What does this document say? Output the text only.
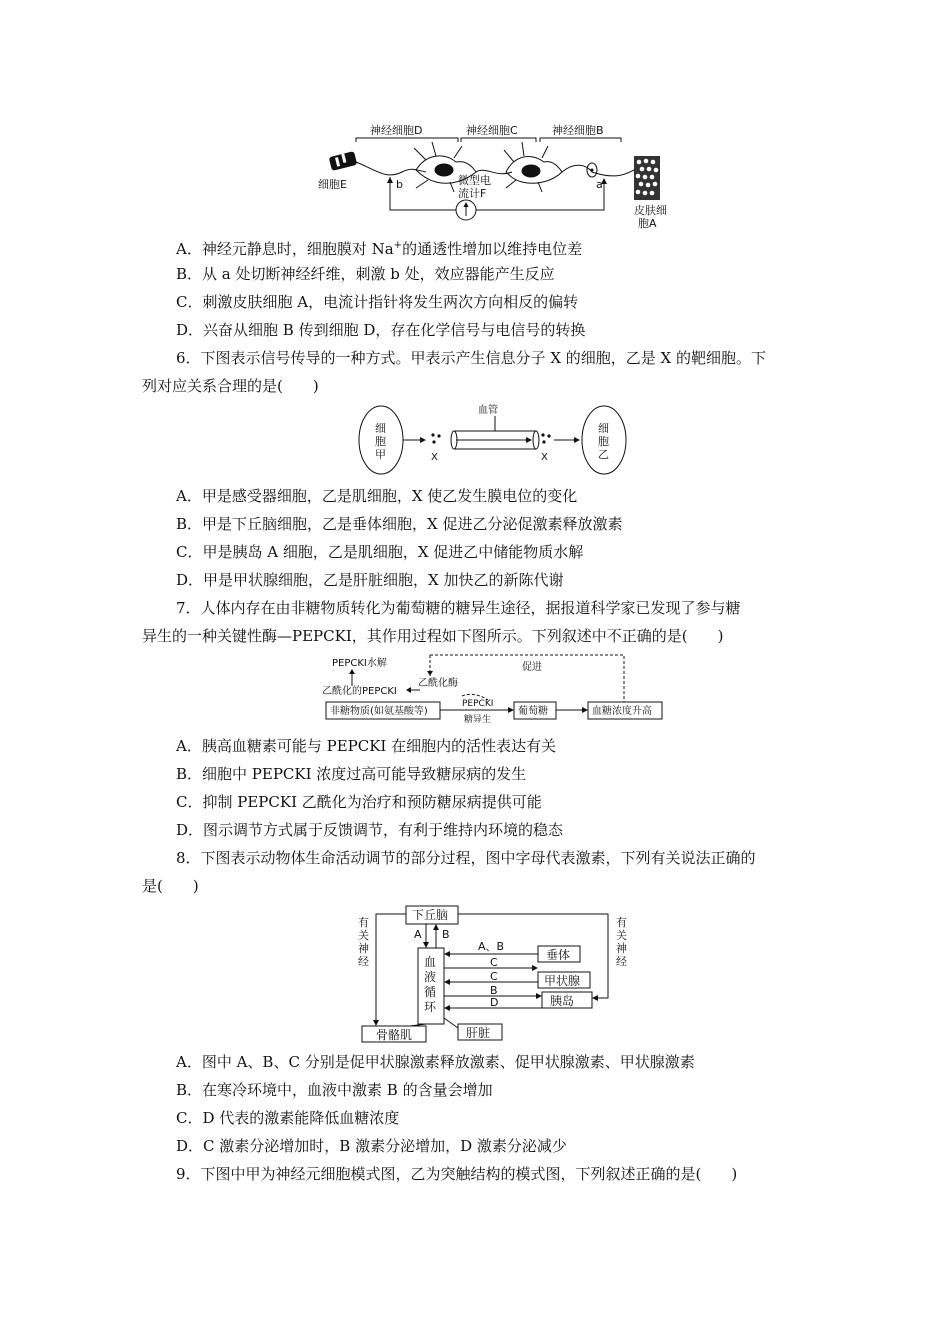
神经细胞D	神经细胞C	神经细胞B
细胞E
皮肤细
胞A
b	a
微型电
流计F
A．神经元静息时，细胞膜对 Na+的通透性增加以维持电位差
B．从 a 处切断神经纤维，刺激 b 处，效应器能产生反应
C．刺激皮肤细胞 A，电流计指针将发生两次方向相反的偏转
D．兴奋从细胞 B 传到细胞 D，存在化学信号与电信号的转换
6．下图表示信号传导的一种方式。甲表示产生信息分子 X 的细胞，乙是 X 的靶细胞。下
列对应关系合理的是(　　)
细
胞
甲	X
血管
X
细
胞
乙
A．甲是感受器细胞，乙是肌细胞，X 使乙发生膜电位的变化
B．甲是下丘脑细胞，乙是垂体细胞，X 促进乙分泌促激素释放激素
C．甲是胰岛 A 细胞，乙是肌细胞，X 促进乙中储能物质水解
D．甲是甲状腺细胞，乙是肝脏细胞，X 加快乙的新陈代谢
7．人体内存在由非糖物质转化为葡萄糖的糖异生途径，据报道科学家已发现了参与糖
异生的一种关键性酶—PEPCKI，其作用过程如下图所示。下列叙述中不正确的是(　　)
PEPCKI水解
乙酰化的PEPCKI
乙酰化酶
促进
非糖物质(如氨基酸等)
PEPCKI
糖异生
葡萄糖	血糖浓度升高
A．胰高血糖素可能与 PEPCKI 在细胞内的活性表达有关
B．细胞中 PEPCKI 浓度过高可能导致糖尿病的发生
C．抑制 PEPCKI 乙酰化为治疗和预防糖尿病提供可能
D．图示调节方式属于反馈调节，有利于维持内环境的稳态
8．下图表示动物体生命活动调节的部分过程，图中字母代表激素，下列有关说法正确的
是(　　)
下丘脑
有
关
神
经
有
关
神
经
A B
血
液
循
环
垂体
A、B
C
甲状腺
C
B
胰岛
D
骨骼肌	肝脏
A．图中 A、B、C 分别是促甲状腺激素释放激素、促甲状腺激素、甲状腺激素
B．在寒冷环境中，血液中激素 B 的含量会增加
C．D 代表的激素能降低血糖浓度
D．C 激素分泌增加时，B 激素分泌增加，D 激素分泌减少
9．下图中甲为神经元细胞模式图，乙为突触结构的模式图，下列叙述正确的是(　　)
